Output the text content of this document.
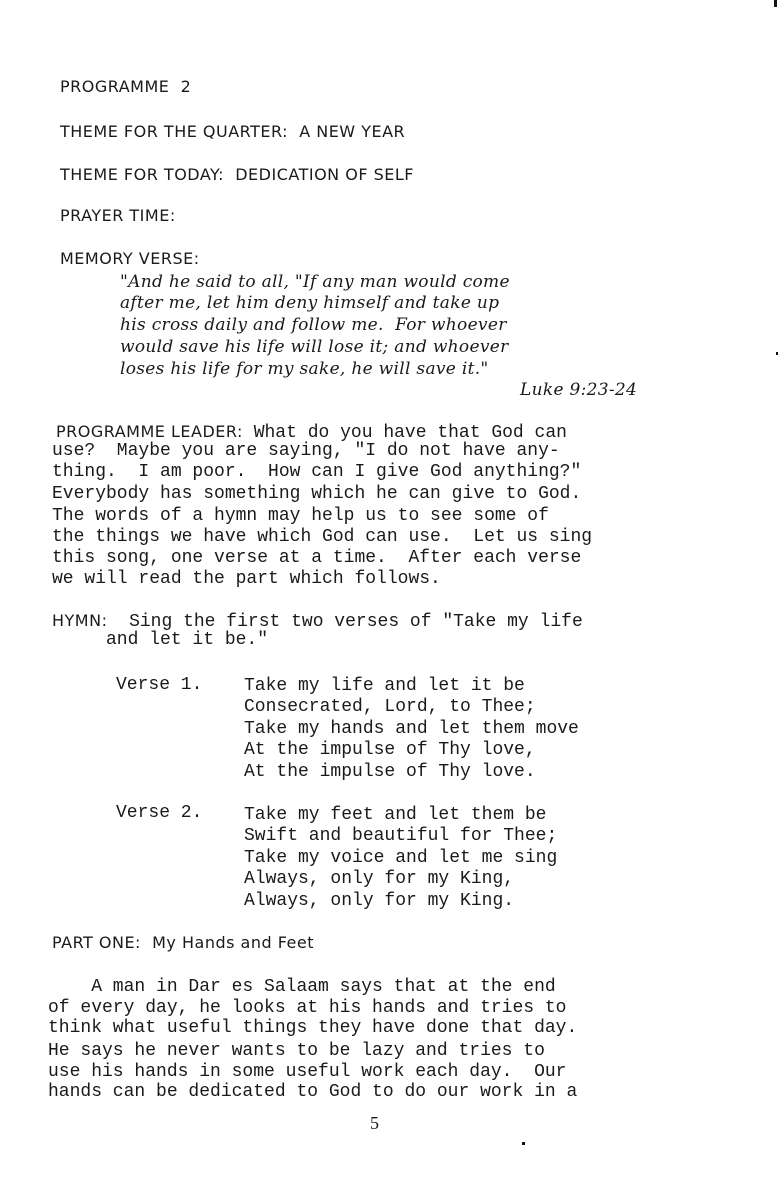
PROGRAMME  2
THEME FOR THE QUARTER:  A NEW YEAR
THEME FOR TODAY:  DEDICATION OF SELF
PRAYER TIME:
MEMORY VERSE:
"And he said to all, "If any man would come
after me, let him deny himself and take up
his cross daily and follow me.  For whoever
would save his life will lose it; and whoever
loses his life for my sake, he will save it."
Luke 9:23-24
PROGRAMME LEADER: What do you have that God can
use?  Maybe you are saying, "I do not have any-
thing.  I am poor.  How can I give God anything?"
Everybody has something which he can give to God.
The words of a hymn may help us to see some of
the things we have which God can use.  Let us sing
this song, one verse at a time.  After each verse
we will read the part which follows.
HYMN:  Sing the first two verses of "Take my life
and let it be."
Verse 1. Take my life and let it be
Consecrated, Lord, to Thee;
Take my hands and let them move
At the impulse of Thy love,
At the impulse of Thy love.
Verse 2. Take my feet and let them be
Swift and beautiful for Thee;
Take my voice and let me sing
Always, only for my King,
Always, only for my King.
PART ONE:  My Hands and Feet
A man in Dar es Salaam says that at the end
of every day, he looks at his hands and tries to
think what useful things they have done that day.
He says he never wants to be lazy and tries to
use his hands in some useful work each day.  Our
hands can be dedicated to God to do our work in a
5
